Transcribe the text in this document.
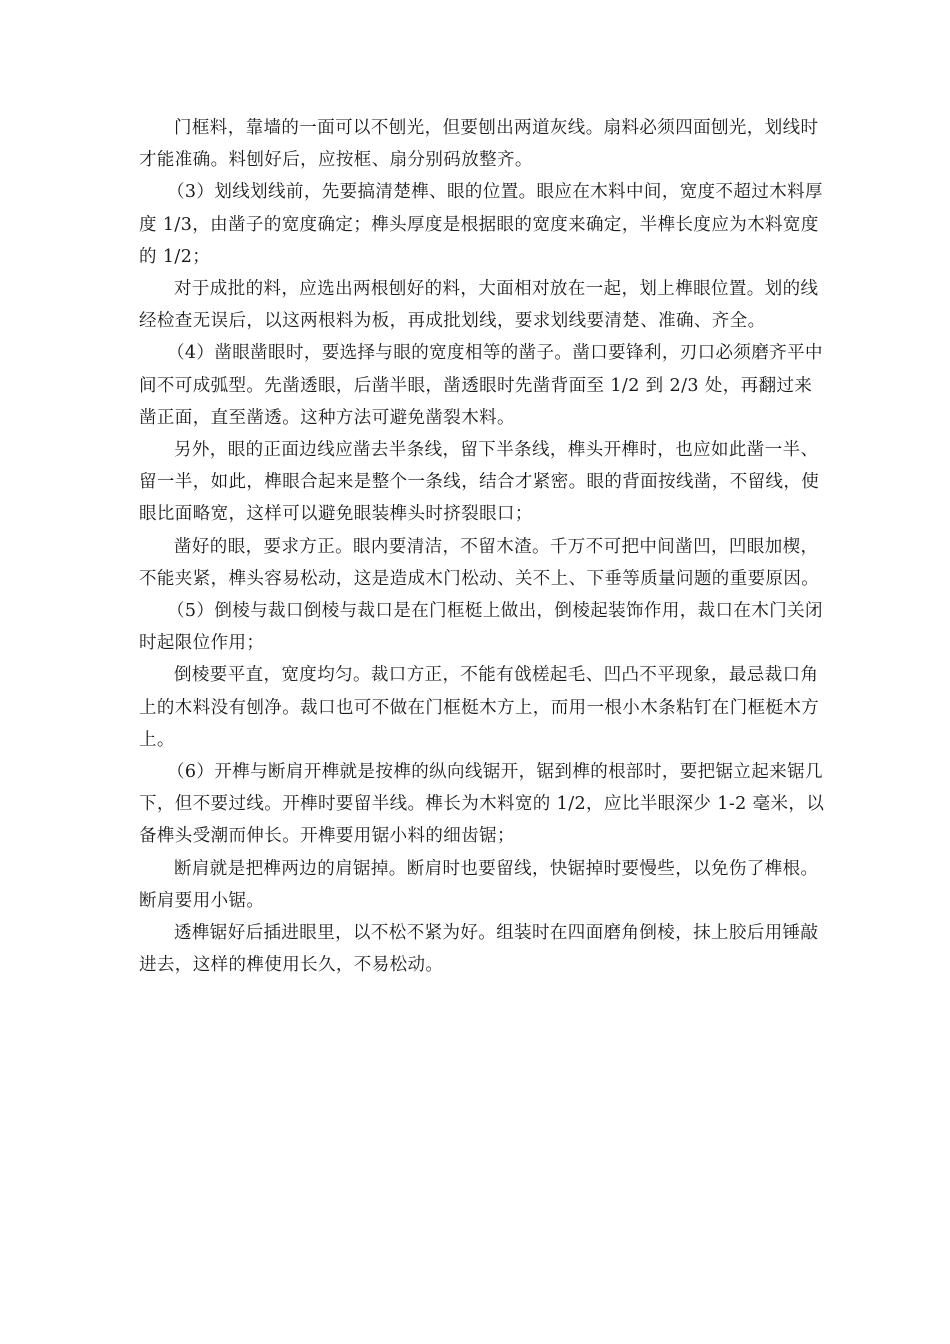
门框料，靠墙的一面可以不刨光，但要刨出两道灰线。扇料必须四面刨光，划线时才能准确。料刨好后，应按框、扇分别码放整齐。

（3）划线划线前，先要搞清楚榫、眼的位置。眼应在木料中间，宽度不超过木料厚度 1/3，由凿子的宽度确定；榫头厚度是根据眼的宽度来确定，半榫长度应为木料宽度的 1/2；

对于成批的料，应选出两根刨好的料，大面相对放在一起，划上榫眼位置。划的线经检查无误后，以这两根料为板，再成批划线，要求划线要清楚、准确、齐全。

（4）凿眼凿眼时，要选择与眼的宽度相等的凿子。凿口要锋利，刃口必须磨齐平中间不可成弧型。先凿透眼，后凿半眼，凿透眼时先凿背面至 1/2 到 2/3 处，再翻过来凿正面，直至凿透。这种方法可避免凿裂木料。

另外，眼的正面边线应凿去半条线，留下半条线，榫头开榫时，也应如此凿一半、留一半，如此，榫眼合起来是整个一条线，结合才紧密。眼的背面按线凿，不留线，使眼比面略宽，这样可以避免眼装榫头时挤裂眼口；

凿好的眼，要求方正。眼内要清洁，不留木渣。千万不可把中间凿凹，凹眼加楔，不能夹紧，榫头容易松动，这是造成木门松动、关不上、下垂等质量问题的重要原因。

（5）倒棱与裁口倒棱与裁口是在门框梃上做出，倒棱起装饰作用，裁口在木门关闭时起限位作用；

倒棱要平直，宽度均匀。裁口方正，不能有戗槎起毛、凹凸不平现象，最忌裁口角上的木料没有刨净。裁口也可不做在门框梃木方上，而用一根小木条粘钉在门框梃木方上。

（6）开榫与断肩开榫就是按榫的纵向线锯开，锯到榫的根部时，要把锯立起来锯几下，但不要过线。开榫时要留半线。榫长为木料宽的 1/2，应比半眼深少 1-2 毫米，以备榫头受潮而伸长。开榫要用锯小料的细齿锯；

断肩就是把榫两边的肩锯掉。断肩时也要留线，快锯掉时要慢些，以免伤了榫根。断肩要用小锯。

透榫锯好后插进眼里，以不松不紧为好。组装时在四面磨角倒棱，抹上胶后用锤敲进去，这样的榫使用长久，不易松动。
